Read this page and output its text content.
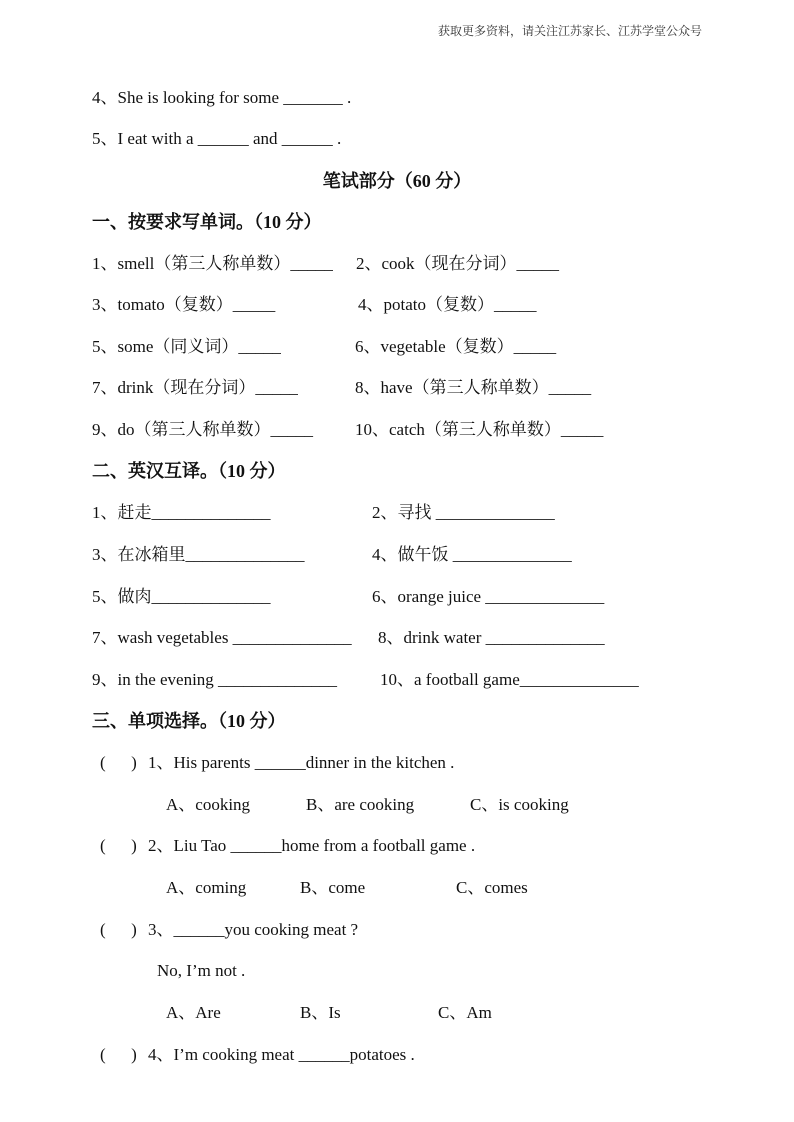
获取更多资料，请关注江苏家长、江苏学堂公众号
4、She is looking for some _______ .
5、I eat with a ______ and ______ .
笔试部分（60 分）
一、按要求写单词。（10 分）
1、smell（第三人称单数）_____ 2、cook（现在分词）_____
3、tomato（复数）_____	4、potato（复数）_____
5、some（同义词）_____	6、vegetable（复数）_____
7、drink（现在分词）_____	8、have（第三人称单数）_____
9、do（第三人称单数）_____ 10、catch（第三人称单数）_____
二、英汉互译。（10 分）
1、赶走______________	2、寻找 ______________
3、在冰箱里______________	4、做午饭 ______________
5、做肉______________	6、orange juice ______________
7、wash vegetables ______________ 8、drink water ______________
9、in the evening ______________	10、a football game______________
三、单项选择。（10 分）
(      ) 1、His parents ______dinner in the kitchen .
A、cooking	B、are cooking	C、is cooking
(      ) 2、Liu Tao ______home from a football game .
A、coming	B、come	C、comes
(      ) 3、______you cooking meat ?
No, I’m not .
A、Are	B、Is	C、Am
(      ) 4、I’m cooking meat ______potatoes .
